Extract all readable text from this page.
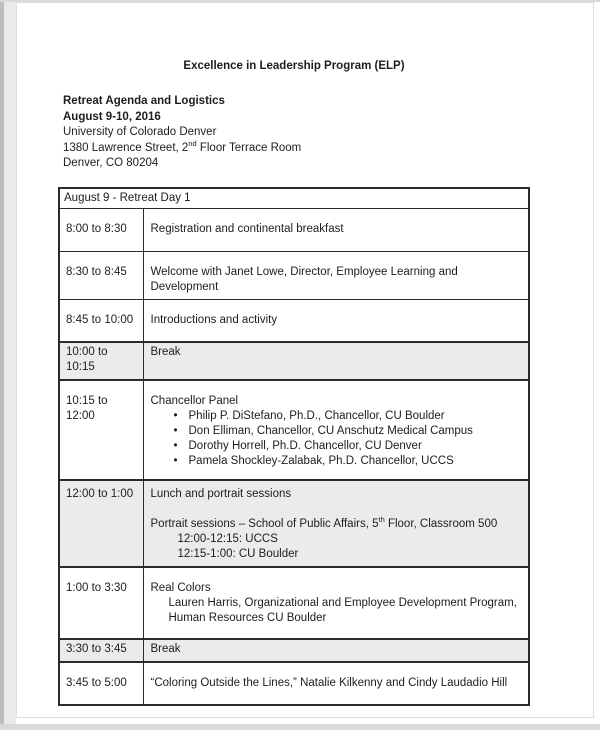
Excellence in Leadership Program (ELP)
Retreat Agenda and Logistics
August 9-10, 2016
University of Colorado Denver
1380 Lawrence Street, 2nd Floor Terrace Room
Denver, CO 80204
August 9 - Retreat Day 1	
8:00 to 8:30	Registration and continental breakfast
8:30 to 8:45	Welcome with Janet Lowe, Director, Employee Learning and Development
8:45 to 10:00	Introductions and activity
10:00 to 10:15	Break
10:15 to 12:00	
Chancellor Panel
• Philip P. DiStefano, Ph.D., Chancellor, CU Boulder
• Don Elliman, Chancellor, CU Anschutz Medical Campus
• Dorothy Horrell, Ph.D. Chancellor, CU Denver
• Pamela Shockley-Zalabak, Ph.D. Chancellor, UCCS

12:00 to 1:00	Lunch and portrait sessions
Portrait sessions – School of Public Affairs, 5th Floor, Classroom 500
12:00-12:15: UCCS
12:15-1:00: CU Boulder

1:00 to 3:30	Real Colors
Lauren Harris, Organizational and Employee Development Program,
Human Resources CU Boulder

3:30 to 3:45	Break
3:45 to 5:00	“Coloring Outside the Lines,” Natalie Kilkenny and Cindy Laudadio Hill
